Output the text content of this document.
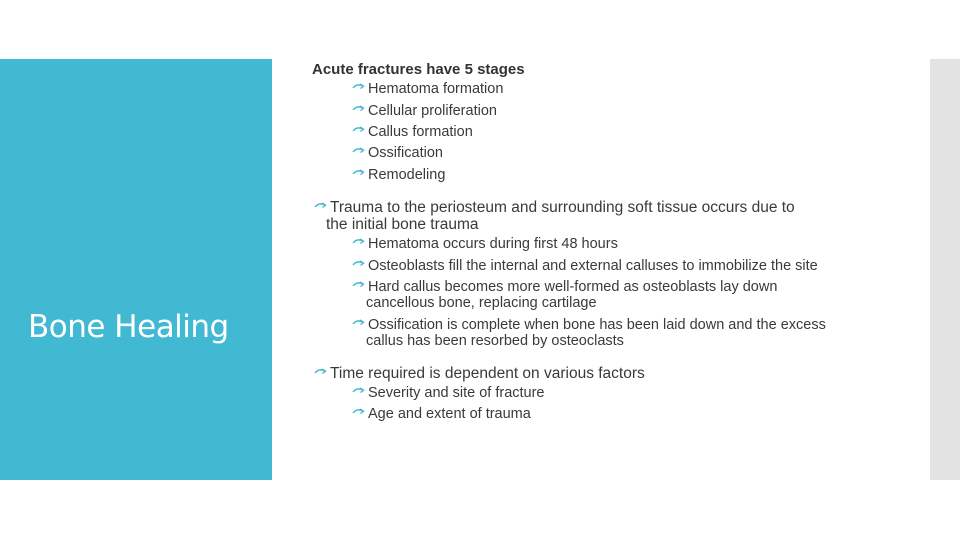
Bone Healing
Acute fractures have 5 stages
Hematoma formation
Cellular proliferation
Callus formation
Ossification
Remodeling
Trauma to the periosteum and surrounding soft tissue occurs due to
the initial bone trauma
Hematoma occurs during first 48 hours
Osteoblasts fill the internal and external calluses to immobilize the site
Hard callus becomes more well-formed as osteoblasts lay down
cancellous bone, replacing cartilage
Ossification is complete when bone has been laid down and the excess
callus has been resorbed by osteoclasts
Time required is dependent on various factors
Severity and site of fracture
Age and extent of trauma
